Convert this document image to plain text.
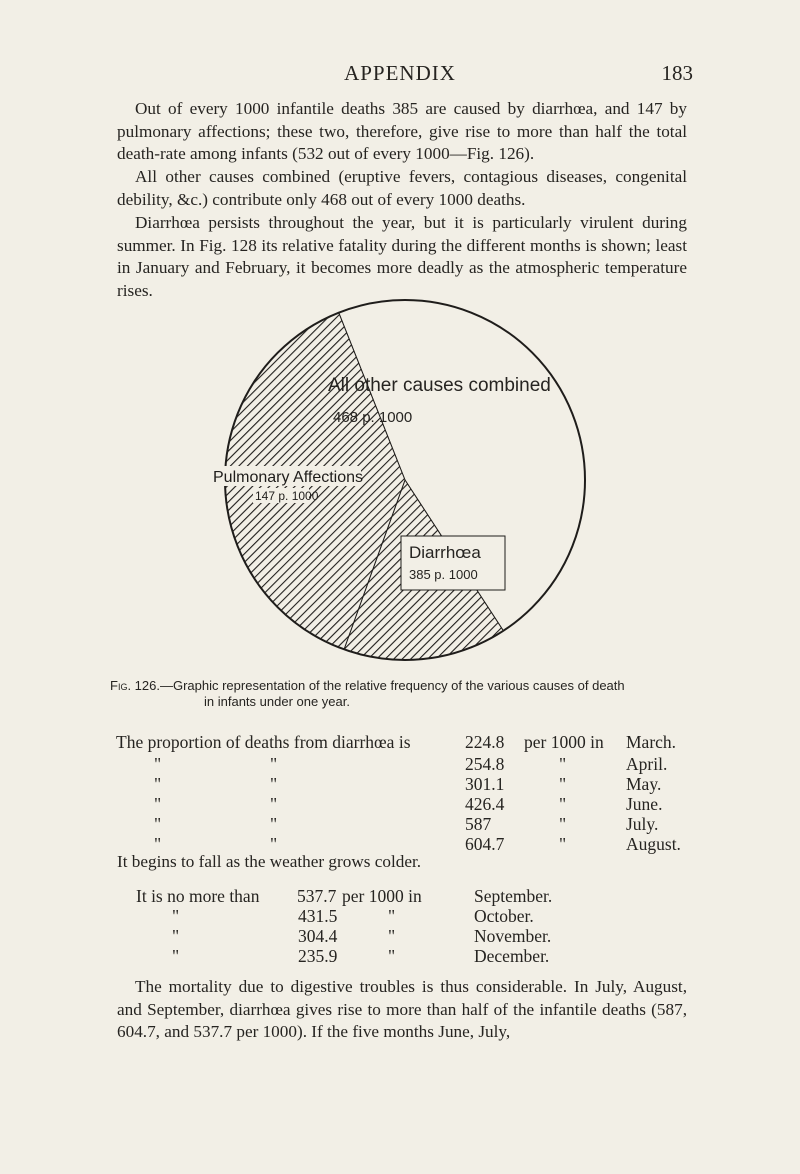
APPENDIX	183

Out of every 1000 infantile deaths 385 are caused by diarrhœa, and 147 by pulmonary affections; these two, therefore, give rise to more than half the total death-rate among infants (532 out of every 1000—Fig. 126).

All other causes combined (eruptive fevers, contagious diseases, congenital debility, &c.) contribute only 468 out of every 1000 deaths.

Diarrhœa persists throughout the year, but it is particularly virulent during summer. In Fig. 128 its relative fatality during the different months is shown; least in January and February, it becomes more deadly as the atmospheric temperature rises.

All other causes combined
468 p. 1000
Pulmonary Affections
147 p. 1000
Diarrhœa
385 p. 1000
Fig. 126.—Graphic representation of the relative frequency of the various causes of death
in infants under one year.
The proportion of deaths from diarrhœa is	224.8 per 1000 in March.
"	"	254.8	"	April.
"	"	301.1	"	May.
"	"	426.4	"	June.
"	"	587	"	July.
"	"	604.7	"	August.

It begins to fall as the weather grows colder.

It is no more than 537.7 per 1000 in	September.
"	431.5	"	October.
"	304.4	"	November.
"	235.9	"	December.

The mortality due to digestive troubles is thus considerable. In July, August, and September, diarrhœa gives rise to more than half of the infantile deaths (587, 604.7, and 537.7 per 1000). If the five months June, July,
